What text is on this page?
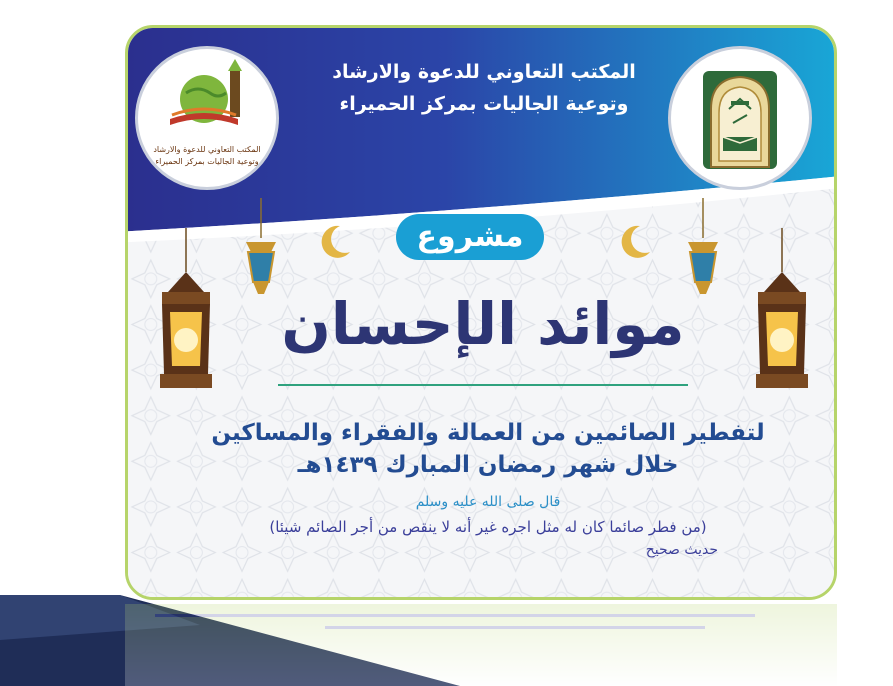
المكتب التعاوني للدعوة والارشاد
وتوعية الجاليات بمركز الحميراء
المكتب التعاوني للدعوة والارشاد
وتوعية الجاليات بمركز الحميراء
مشروع
موائد الإحسان
لتفطير الصائمين من العمالة والفقراء والمساكين
خلال شهر رمضان المبارك ١٤٣٩هـ
قال صلى الله عليه وسلم
(من فطر صائما كان له مثل اجره غير أنه لا ينقص من أجر الصائم شيئا)
حديث صحيح
